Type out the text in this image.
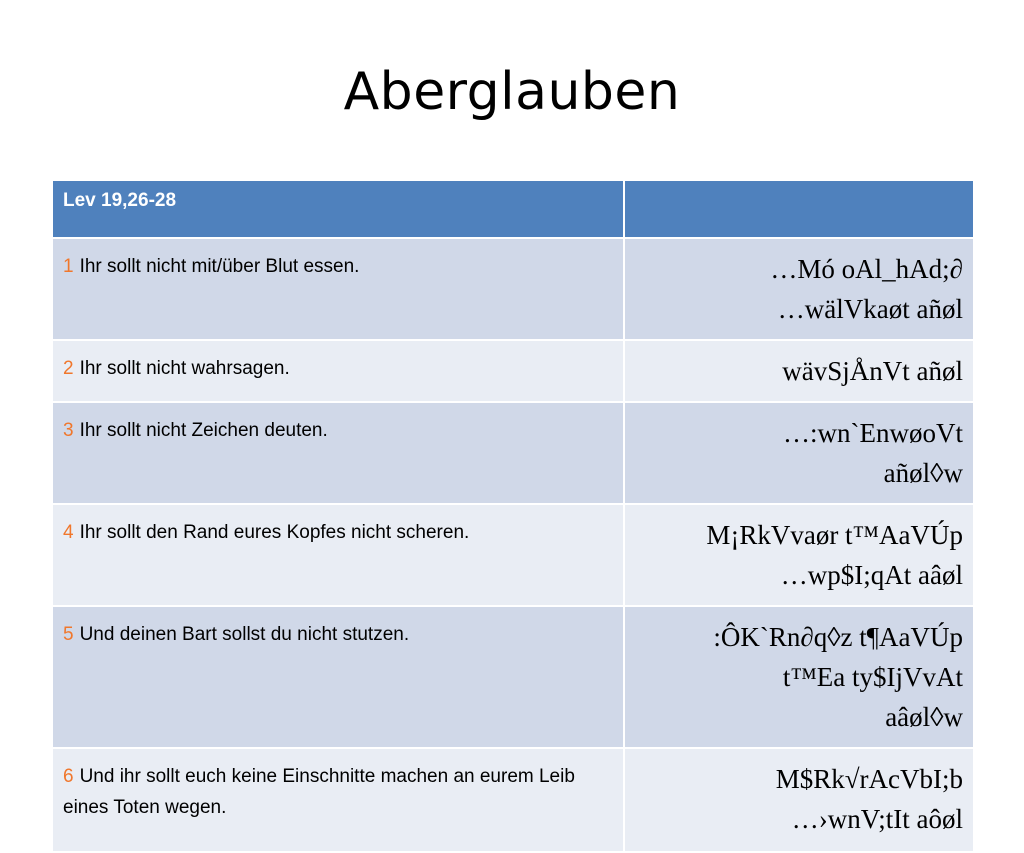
Aberglauben
Lev 19,26-28	
1 Ihr sollt nicht mit/über Blut essen.	…Mó oAl_hAd;∂
…wälVkaøt añøl

2 Ihr sollt nicht wahrsagen.	wävSjÅnVt añøl

3 Ihr sollt nicht Zeichen deuten.	…:wn`EnwøoVt
añøl◊w

4 Ihr sollt den Rand eures Kopfes nicht scheren.	M¡RkVvaør t™AaVÚp
…wp$I;qAt aâøl

5 Und deinen Bart sollst du nicht stutzen.	:ÔK`Rn∂q◊z t¶AaVÚp
t™Ea ty$IjVvAt
aâøl◊w

6 Und ihr sollt euch keine Einschnitte machen an eurem Leib eines Toten wegen.	M$Rk√rAcVbI;b
…›wnV;tIt aôøl
